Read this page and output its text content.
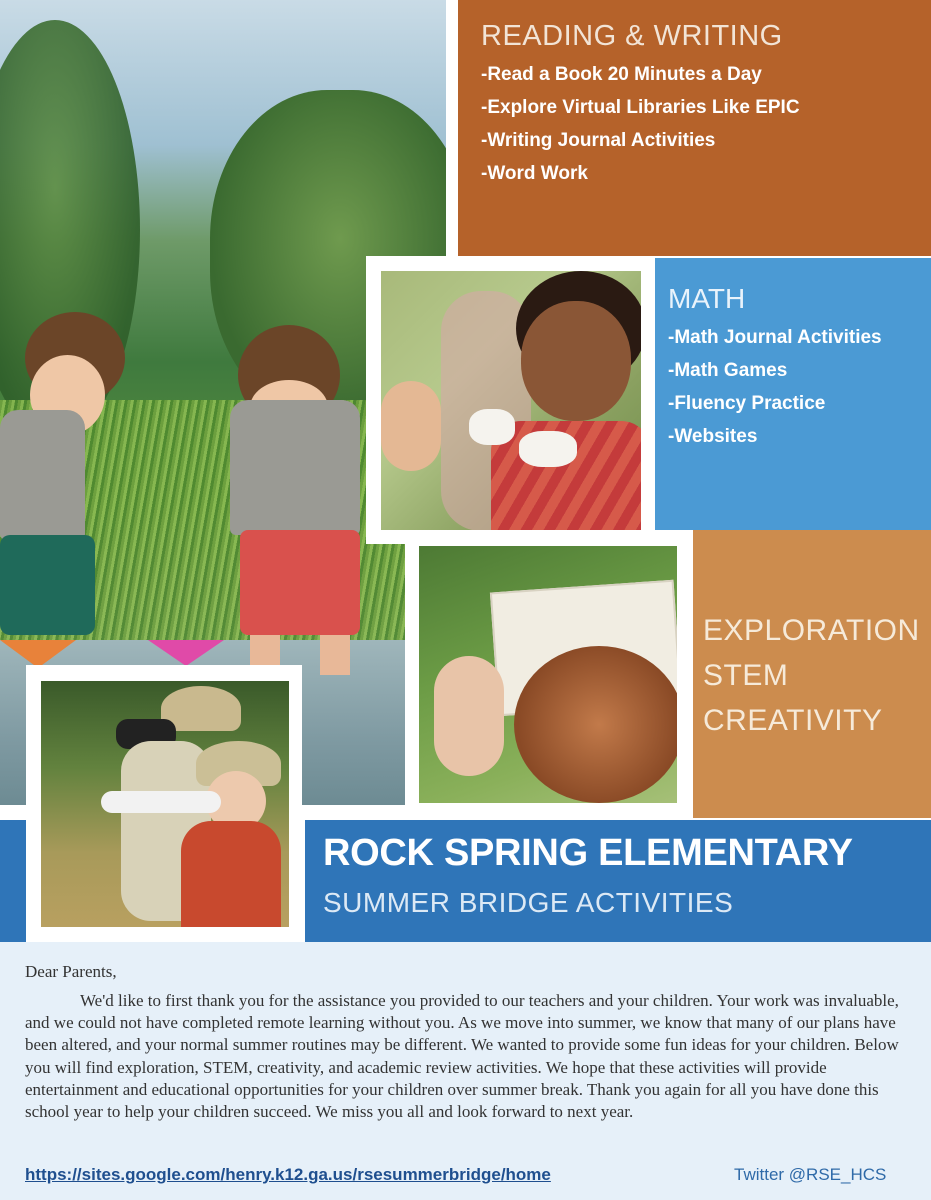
READING & WRITING
-Read a Book 20 Minutes a Day
-Explore Virtual Libraries Like EPIC
-Writing Journal Activities
-Word Work
MATH
-Math Journal Activities
-Math Games
-Fluency Practice
-Websites
EXPLORATION
STEM
CREATIVITY
ROCK SPRING ELEMENTARY
SUMMER BRIDGE ACTIVITIES
Dear Parents,
We'd like to first thank you for the assistance you provided to our teachers and your children. Your work was invaluable, and we could not have completed remote learning without you. As we move into summer, we know that many of our plans have been altered, and your normal summer routines may be different. We wanted to provide some fun ideas for your children. Below you will find exploration, STEM, creativity, and academic review activities. We hope that these activities will provide entertainment and educational opportunities for your children over summer break. Thank you again for all you have done this school year to help your children succeed. We miss you all and look forward to next year.
https://sites.google.com/henry.k12.ga.us/rsesummerbridge/home	Twitter @RSE_HCS
